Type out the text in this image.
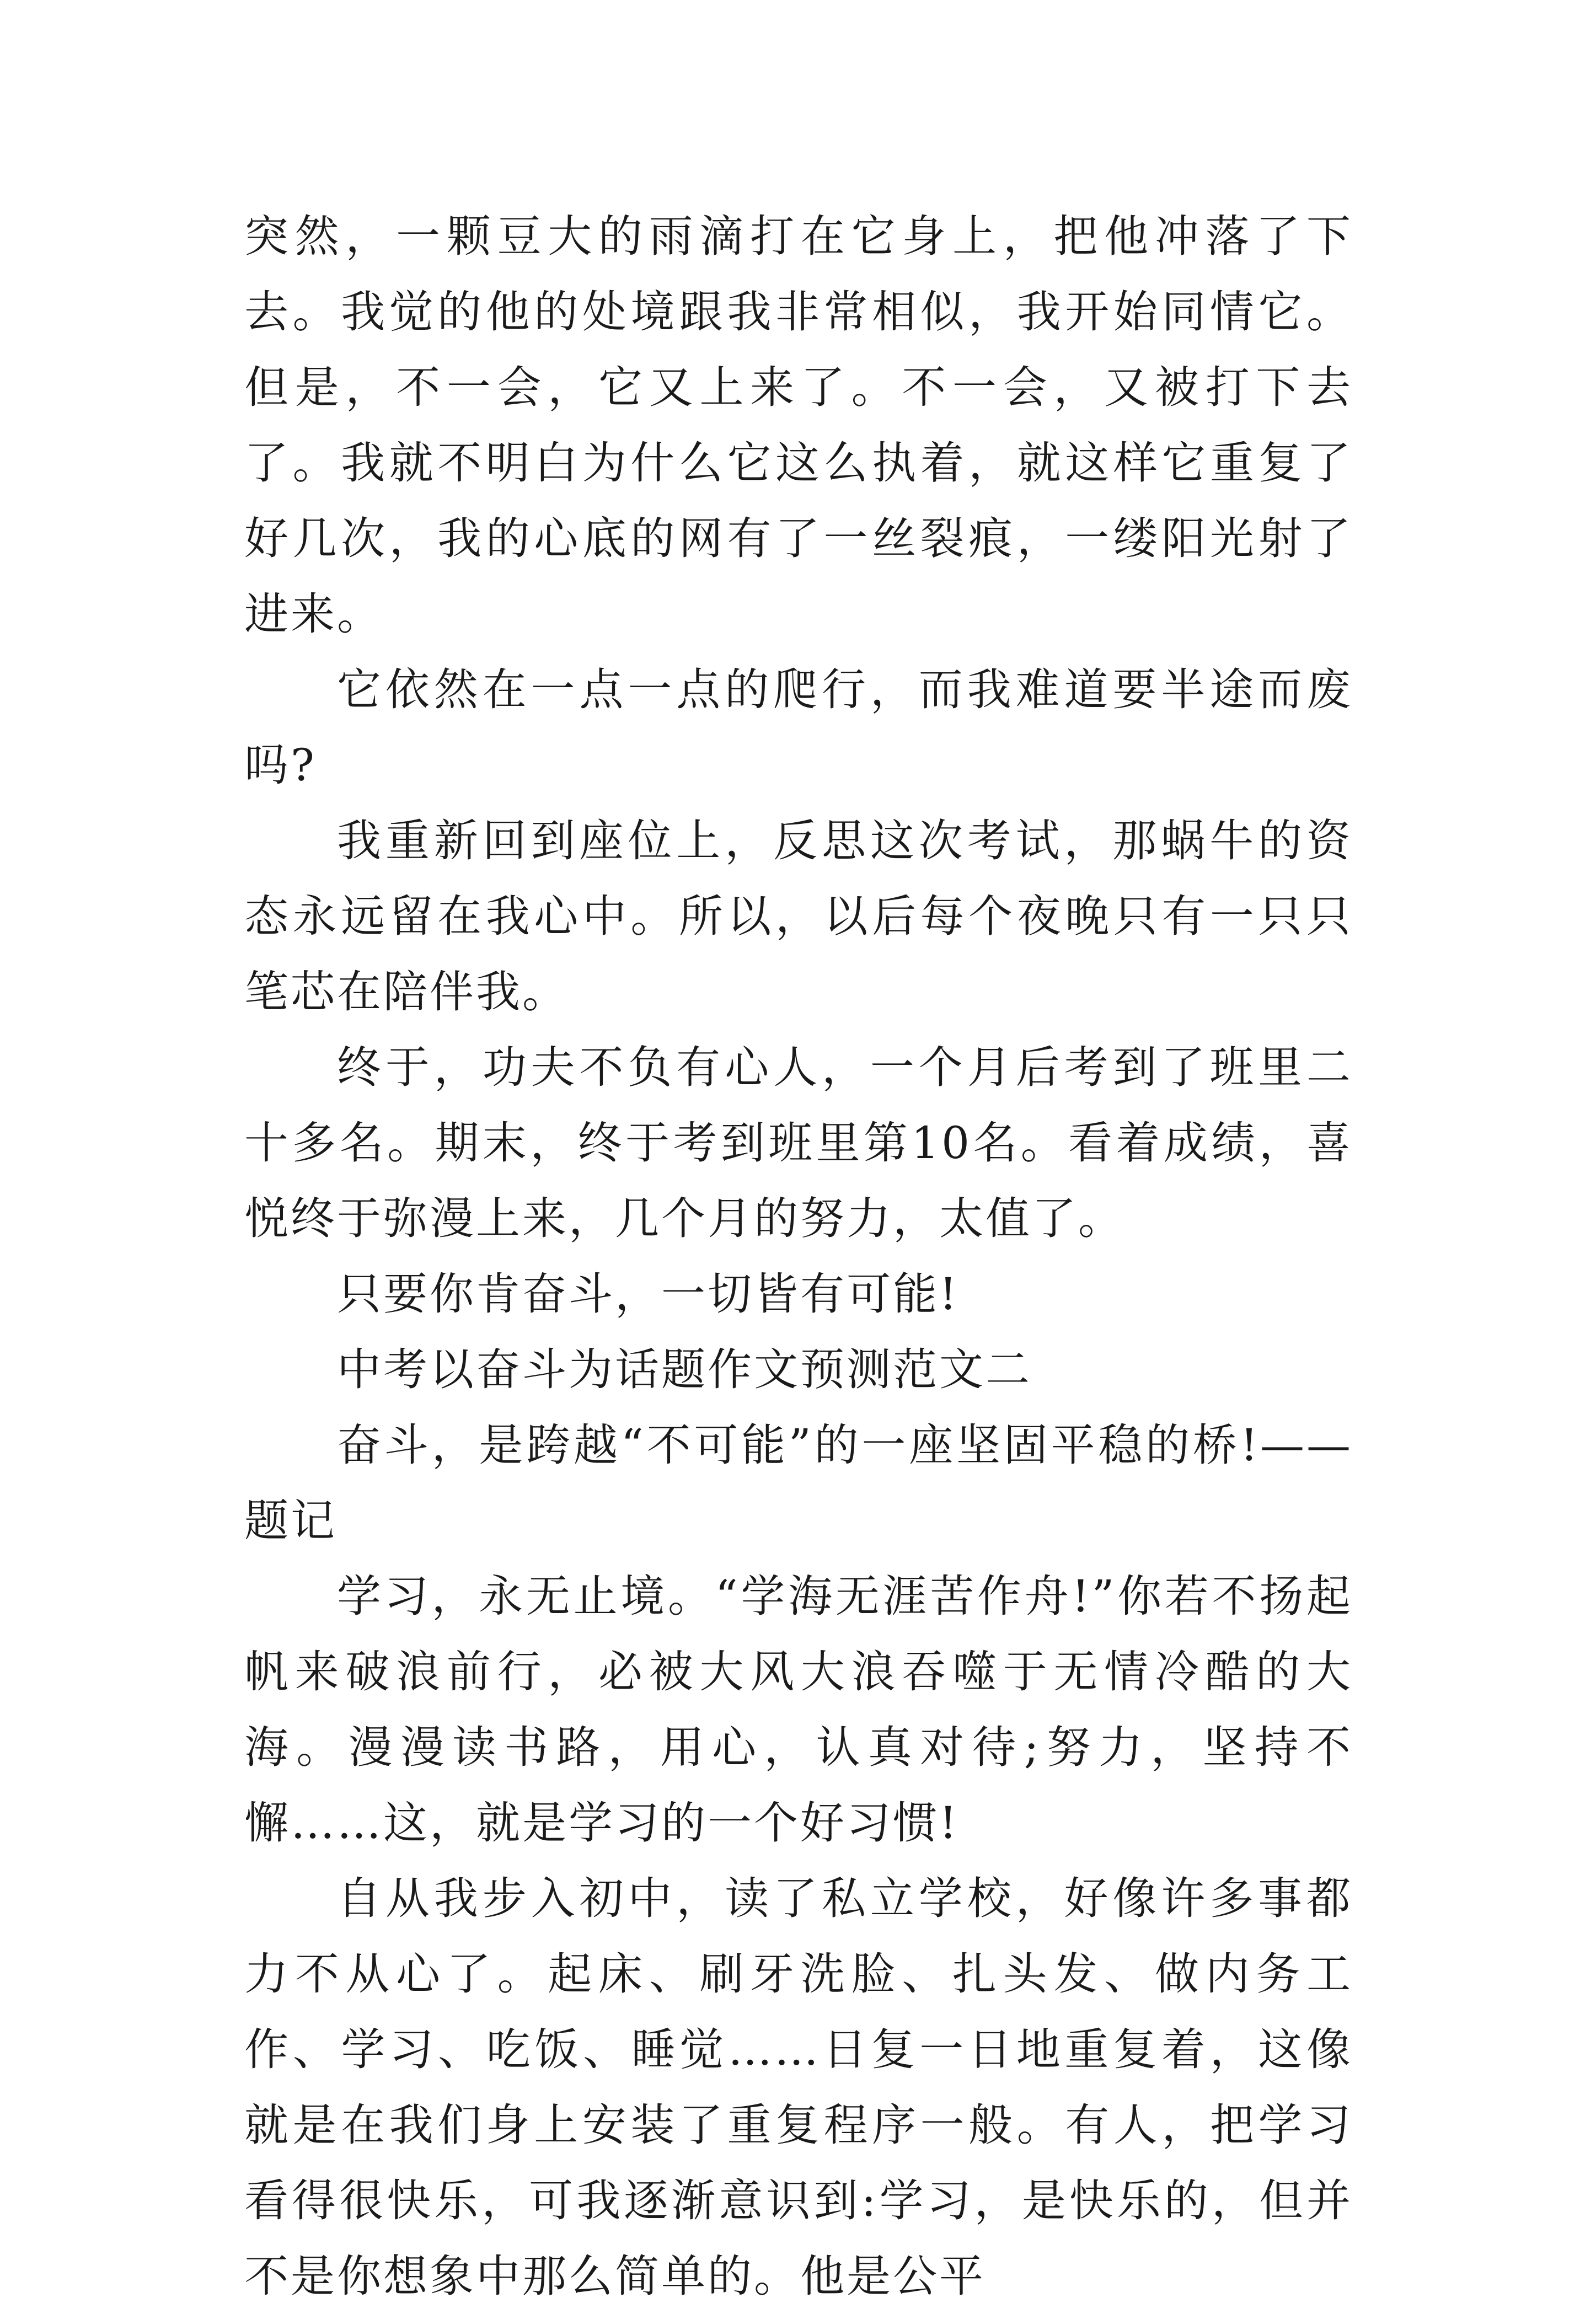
突然，一颗豆大的雨滴打在它身上，把他冲落了下去。我觉的他的处境跟我非常相似，我开始同情它。但是，不一会，它又上来了。不一会，又被打下去了。我就不明白为什么它这么执着，就这样它重复了好几次，我的心底的网有了一丝裂痕，一缕阳光射了进来。

它依然在一点一点的爬行，而我难道要半途而废吗?

我重新回到座位上，反思这次考试，那蜗牛的资态永远留在我心中。所以，以后每个夜晚只有一只只笔芯在陪伴我。

终于，功夫不负有心人，一个月后考到了班里二十多名。期末，终于考到班里第10名。看着成绩，喜悦终于弥漫上来，几个月的努力，太值了。

只要你肯奋斗，一切皆有可能!

中考以奋斗为话题作文预测范文二

奋斗，是跨越“不可能”的一座坚固平稳的桥!——题记

学习，永无止境。“学海无涯苦作舟!”你若不扬起帆来破浪前行，必被大风大浪吞噬于无情冷酷的大海。漫漫读书路，用心，认真对待;努力，坚持不懈……这，就是学习的一个好习惯!

自从我步入初中，读了私立学校，好像许多事都力不从心了。起床、刷牙洗脸、扎头发、做内务工作、学习、吃饭、睡觉……日复一日地重复着，这像就是在我们身上安装了重复程序一般。有人，把学习看得很快乐，可我逐渐意识到:学习，是快乐的，但并不是你想象中那么简单的。他是公平
